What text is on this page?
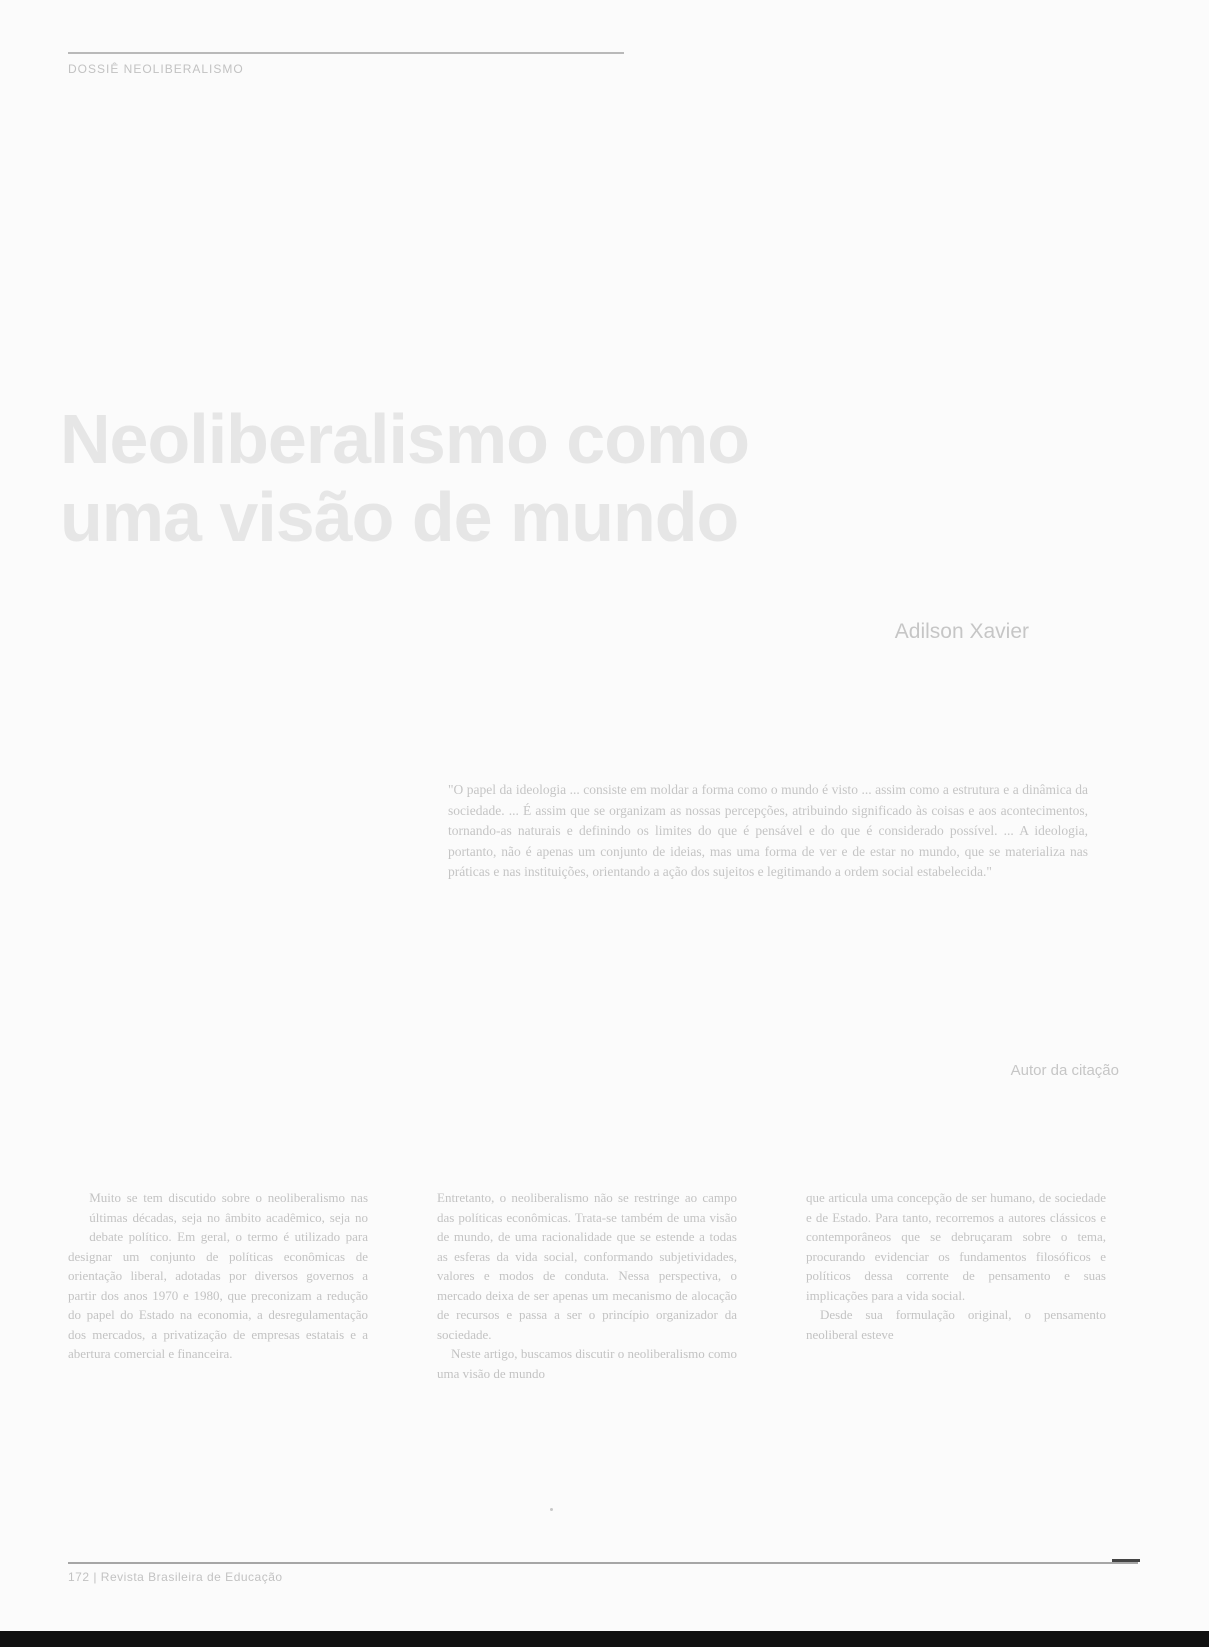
DOSSIÊ NEOLIBERALISMO
Neoliberalismo como uma visão de mundo
Adilson Xavier
"O papel da ideologia ... consiste em moldar a forma como o mundo é visto ... assim como a estrutura e a dinâmica da sociedade. ... É assim que se organizam as nossas percepções, atribuindo significado às coisas e aos acontecimentos, tornando-as naturais e definindo os limites do que é pensável e do que é considerado possível. ... A ideologia, portanto, não é apenas um conjunto de ideias, mas uma forma de ver e de estar no mundo, que se materializa nas práticas e nas instituições, orientando a ação dos sujeitos e legitimando a ordem social estabelecida."
Autor da citação

Muito se tem discutido sobre o neoliberalismo nas últimas décadas, seja no âmbito acadêmico, seja no debate político. Em geral, o termo é utilizado para designar um conjunto de políticas econômicas de orientação liberal, adotadas por diversos governos a partir dos anos 1970 e 1980, que preconizam a redução do papel do Estado na economia, a desregulamentação dos mercados, a privatização de empresas estatais e a abertura comercial e financeira.

Entretanto, o neoliberalismo não se restringe ao campo das políticas econômicas. Trata-se também de uma visão de mundo, de uma racionalidade que se estende a todas as esferas da vida social, conformando subjetividades, valores e modos de conduta. Nessa perspectiva, o mercado deixa de ser apenas um mecanismo de alocação de recursos e passa a ser o princípio organizador da sociedade.

Neste artigo, buscamos discutir o neoliberalismo como uma visão de mundo

que articula uma concepção de ser humano, de sociedade e de Estado. Para tanto, recorremos a autores clássicos e contemporâneos que se debruçaram sobre o tema, procurando evidenciar os fundamentos filosóficos e políticos dessa corrente de pensamento e suas implicações para a vida social.

Desde sua formulação original, o pensamento neoliberal esteve

172 | Revista Brasileira de Educação
